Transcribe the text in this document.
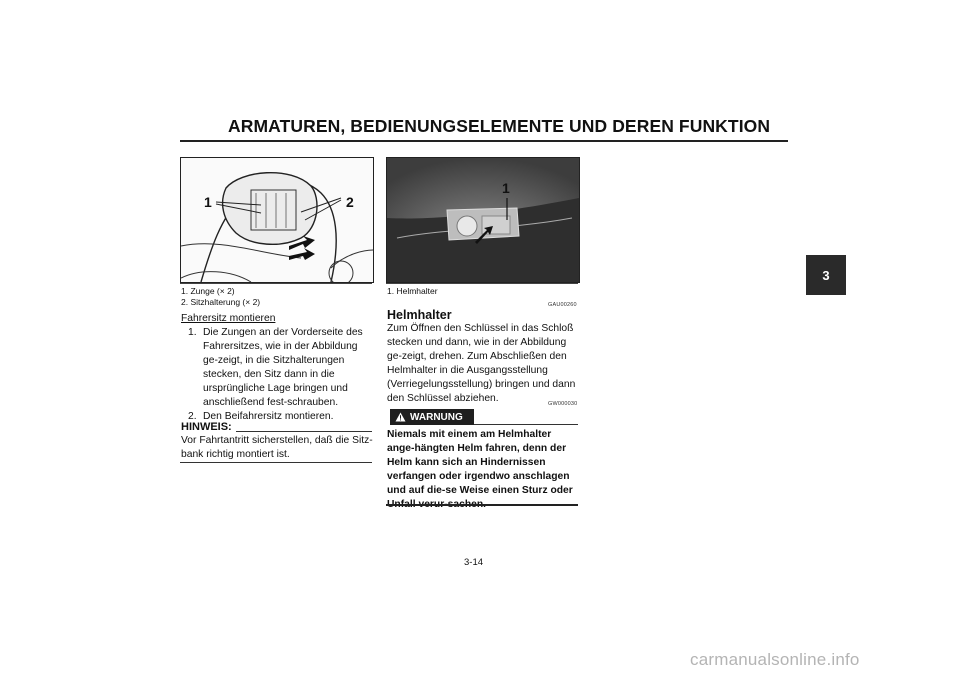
ARMATUREN, BEDIENUNGSELEMENTE UND DEREN FUNKTION
3
1	2
1. Zunge (× 2)
2. Sitzhalterung (× 2)
Fahrersitz montieren
1. Die Zungen an der Vorderseite des Fahrersitzes, wie in der Abbildung ge-zeigt, in die Sitzhalterungen stecken, den Sitz dann in die ursprüngliche Lage bringen und anschließend fest-schrauben.
2. Den Beifahrersitz montieren.
HINWEIS:
Vor Fahrtantritt sicherstellen, daß die Sitz-bank richtig montiert ist.
1
1. Helmhalter
GAU00260
Helmhalter
Zum Öffnen den Schlüssel in das Schloß stecken und dann, wie in der Abbildung ge-zeigt, drehen. Zum Abschließen den Helmhalter in die Ausgangsstellung (Verriegelungsstellung) bringen und dann den Schlüssel abziehen.	GW000030
WARNUNG
Niemals mit einem am Helmhalter ange-hängten Helm fahren, denn der Helm kann sich an Hindernissen verfangen oder irgendwo anschlagen und auf die-se Weise einen Sturz oder
3-14
carmanualsonline.info
